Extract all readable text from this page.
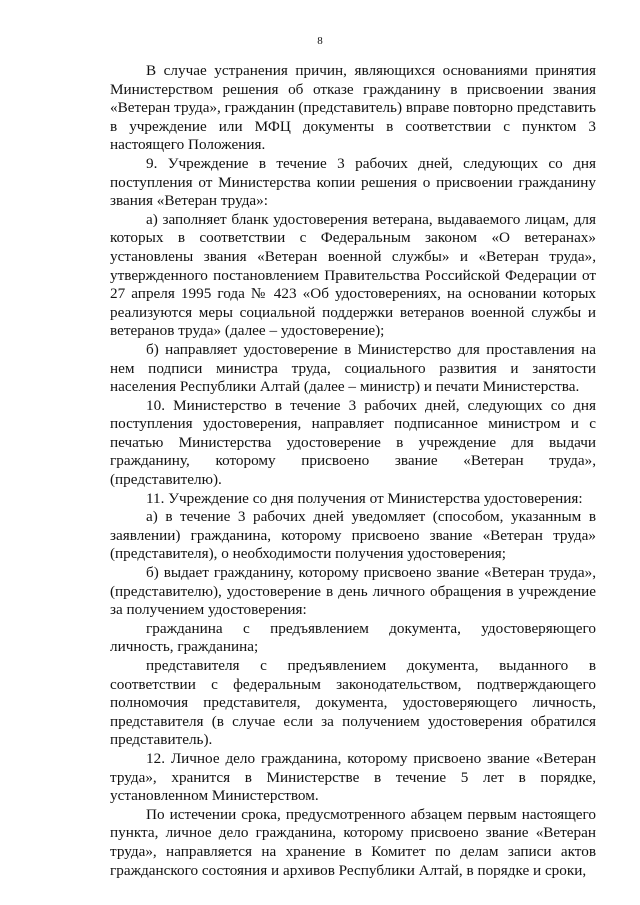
8

В случае устранения причин, являющихся основаниями принятия Министерством решения об отказе гражданину в присвоении звания «Ветеран труда», гражданин (представитель) вправе повторно представить в учреждение или МФЦ документы в соответствии с пунктом 3 настоящего Положения.

9. Учреждение в течение 3 рабочих дней, следующих со дня поступления от Министерства копии решения о присвоении гражданину звания «Ветеран труда»:

а) заполняет бланк удостоверения ветерана, выдаваемого лицам, для которых в соответствии с Федеральным законом «О ветеранах» установлены звания «Ветеран военной службы» и «Ветеран труда», утвержденного постановлением Правительства Российской Федерации от 27 апреля 1995 года № 423 «Об удостоверениях, на основании которых реализуются меры социальной поддержки ветеранов военной службы и ветеранов труда» (далее – удостоверение);

б) направляет удостоверение в Министерство для проставления на нем подписи министра труда, социального развития и занятости населения Республики Алтай (далее – министр) и печати Министерства.

10. Министерство в течение 3 рабочих дней, следующих со дня поступления удостоверения, направляет подписанное министром и с печатью Министерства удостоверение в учреждение для выдачи гражданину, которому присвоено звание «Ветеран труда», (представителю).

11. Учреждение со дня получения от Министерства удостоверения:

а) в течение 3 рабочих дней уведомляет (способом, указанным в заявлении) гражданина, которому присвоено звание «Ветеран труда» (представителя), о необходимости получения удостоверения;

б) выдает гражданину, которому присвоено звание «Ветеран труда», (представителю), удостоверение в день личного обращения в учреждение за получением удостоверения:

гражданина с предъявлением документа, удостоверяющего личность, гражданина;

представителя с предъявлением документа, выданного в соответствии с федеральным законодательством, подтверждающего полномочия представителя, документа, удостоверяющего личность, представителя (в случае если за получением удостоверения обратился представитель).

12. Личное дело гражданина, которому присвоено звание «Ветеран труда», хранится в Министерстве в течение 5 лет в порядке, установленном Министерством.

По истечении срока, предусмотренного абзацем первым настоящего пункта, личное дело гражданина, которому присвоено звание «Ветеран труда», направляется на хранение в Комитет по делам записи актов гражданского состояния и архивов Республики Алтай, в порядке и сроки,
